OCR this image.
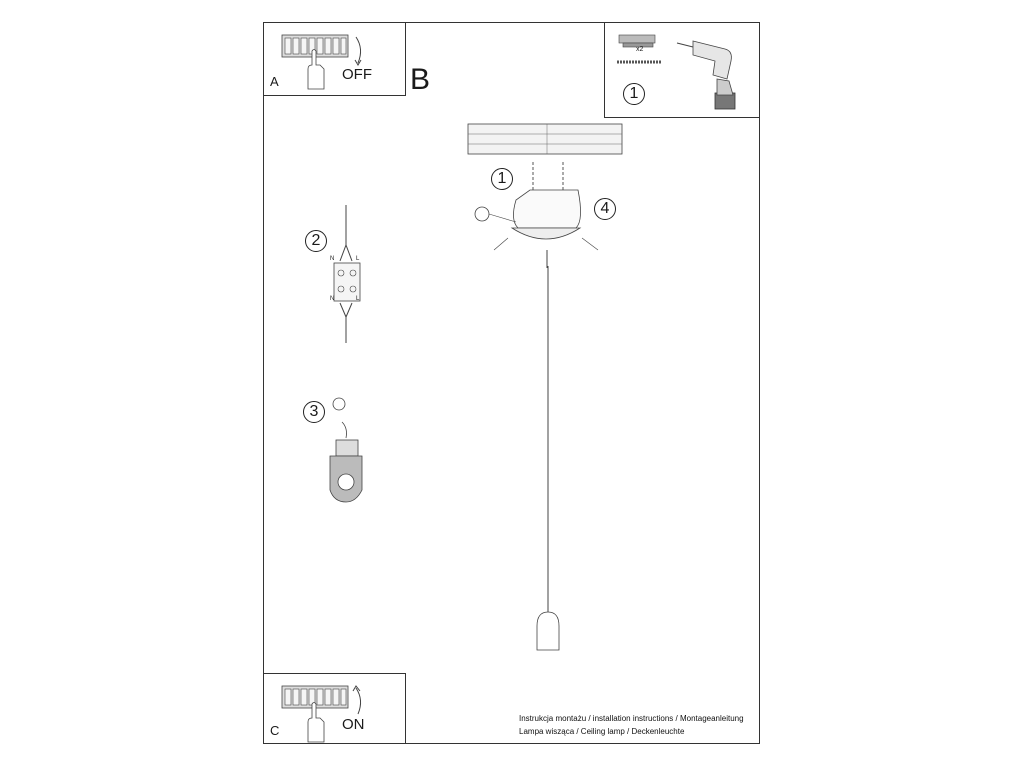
A	OFF B
x2
1
1
4
2
N	L
N	L
3
C	ON	Instrukcja montażu / installation instructions / Montageanleitung
Lampa wisząca / Ceiling lamp / Deckenleuchte
